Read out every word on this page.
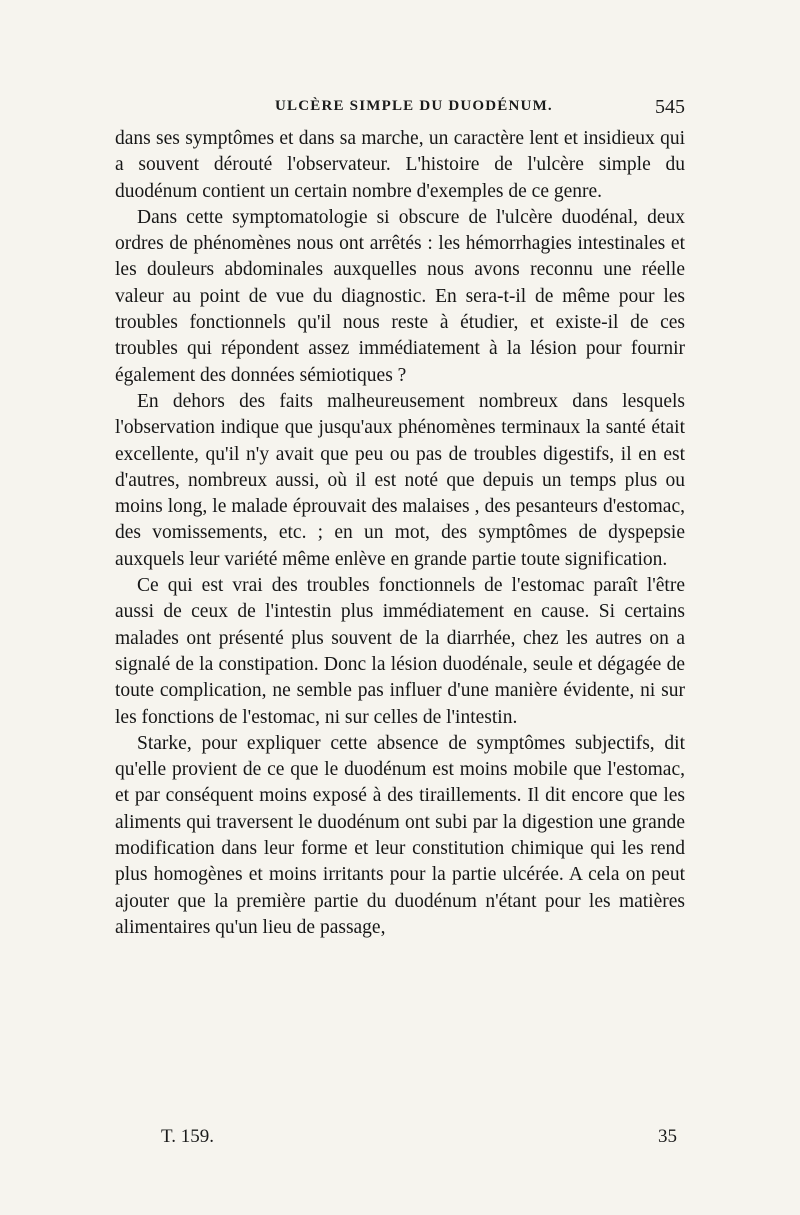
ULCÈRE SIMPLE DU DUODÉNUM.	545

dans ses symptômes et dans sa marche, un caractère lent et insidieux qui a souvent dérouté l'observateur. L'histoire de l'ulcère simple du duodénum contient un certain nombre d'exemples de ce genre.

Dans cette symptomatologie si obscure de l'ulcère duodénal, deux ordres de phénomènes nous ont arrêtés : les hémorrhagies intestinales et les douleurs abdominales auxquelles nous avons reconnu une réelle valeur au point de vue du diagnostic. En sera-t-il de même pour les troubles fonctionnels qu'il nous reste à étudier, et existe-il de ces troubles qui répondent assez immédiatement à la lésion pour fournir également des données sémiotiques ?

En dehors des faits malheureusement nombreux dans lesquels l'observation indique que jusqu'aux phénomènes terminaux la santé était excellente, qu'il n'y avait que peu ou pas de troubles digestifs, il en est d'autres, nombreux aussi, où il est noté que depuis un temps plus ou moins long, le malade éprouvait des malaises , des pesanteurs d'estomac, des vomissements, etc. ; en un mot, des symptômes de dyspepsie auxquels leur variété même enlève en grande partie toute signification.

Ce qui est vrai des troubles fonctionnels de l'estomac paraît l'être aussi de ceux de l'intestin plus immédiatement en cause. Si certains malades ont présenté plus souvent de la diarrhée, chez les autres on a signalé de la constipation. Donc la lésion duodénale, seule et dégagée de toute complication, ne semble pas influer d'une manière évidente, ni sur les fonctions de l'estomac, ni sur celles de l'intestin.

Starke, pour expliquer cette absence de symptômes subjectifs, dit qu'elle provient de ce que le duodénum est moins mobile que l'estomac, et par conséquent moins exposé à des tiraillements. Il dit encore que les aliments qui traversent le duodénum ont subi par la digestion une grande modification dans leur forme et leur constitution chimique qui les rend plus homogènes et moins irritants pour la partie ulcérée. A cela on peut ajouter que la première partie du duodénum n'étant pour les matières alimentaires qu'un lieu de passage,

T. 159.	35
